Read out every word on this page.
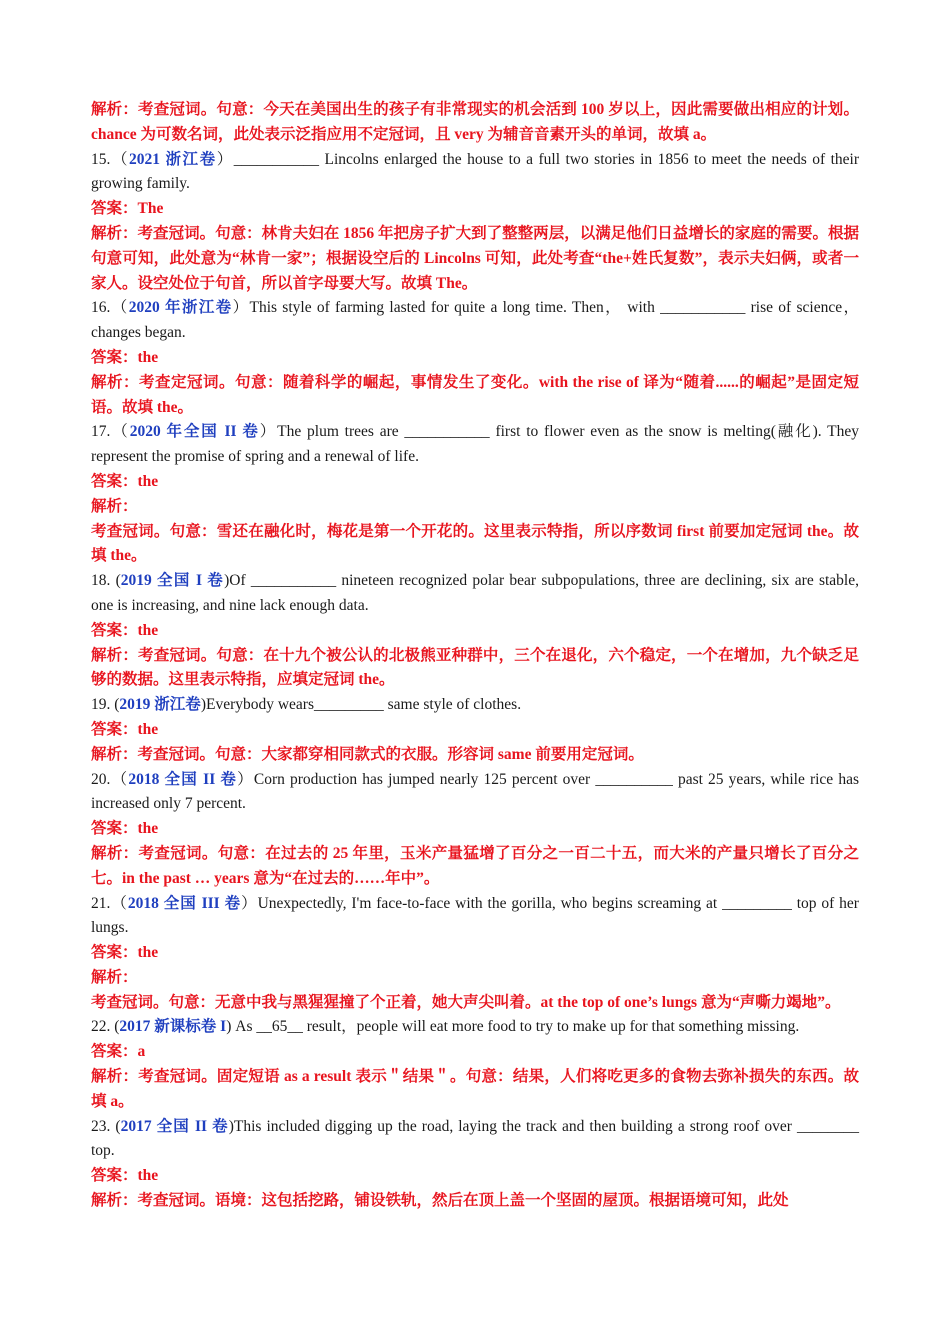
解析：考查冠词。句意：今天在美国出生的孩子有非常现实的机会活到 100 岁以上，因此需要做出相应的计划。chance 为可数名词，此处表示泛指应用不定冠词，且 very 为辅音音素开头的单词，故填 a。

15.（2021 浙江卷）___________ Lincolns enlarged the house to a full two stories in 1856 to meet the needs of their growing family.

答案：The

解析：考查冠词。句意：林肯夫妇在 1856 年把房子扩大到了整整两层，以满足他们日益增长的家庭的需要。根据句意可知，此处意为“林肯一家”；根据设空后的 Lincolns 可知，此处考查“the+姓氏复数”，表示夫妇俩，或者一家人。设空处位于句首，所以首字母要大写。故填 The。

16.（2020 年浙江卷）This style of farming lasted for quite a long time. Then， with ___________ rise of science，changes began.

答案：the

解析：考查定冠词。句意：随着科学的崛起，事情发生了变化。with the rise of 译为“随着......的崛起”是固定短语。故填 the。

17.（2020 年全国 II 卷）The plum trees are ___________ first to flower even as the snow is melting(融化). They represent the promise of spring and a renewal of life.

答案：the

解析：

考查冠词。句意：雪还在融化时，梅花是第一个开花的。这里表示特指，所以序数词 first 前要加定冠词 the。故填 the。

18. (2019 全国 I 卷)Of ___________ nineteen recognized polar bear subpopulations, three are declining, six are stable, one is increasing, and nine lack enough data.

答案：the

解析：考查冠词。句意：在十九个被公认的北极熊亚种群中，三个在退化，六个稳定，一个在增加，九个缺乏足够的数据。这里表示特指，应填定冠词 the。

19. (2019 浙江卷)Everybody wears_________ same style of clothes.

答案：the

解析：考查冠词。句意：大家都穿相同款式的衣服。形容词 same 前要用定冠词。

20.（2018 全国 II 卷）Corn production has jumped nearly 125 percent over __________ past 25 years, while rice has increased only 7 percent.

答案：the

解析：考查冠词。句意：在过去的 25 年里，玉米产量猛增了百分之一百二十五，而大米的产量只增长了百分之七。in the past … years 意为“在过去的……年中”。

21.（2018 全国 III 卷）Unexpectedly, I'm face-to-face with the gorilla, who begins screaming at _________ top of her lungs.

答案：the

解析：

考查冠词。句意：无意中我与黑猩猩撞了个正着，她大声尖叫着。at the top of one’s lungs 意为“声嘶力竭地”。

22. (2017 新课标卷 I) As __65__ result，people will eat more food to try to make up for that something missing.

答案：a

解析：考查冠词。固定短语 as a result 表示＂结果＂。句意：结果，人们将吃更多的食物去弥补损失的东西。故填 a。

23. (2017 全国 II 卷)This included digging up the road, laying the track and then building a strong roof over ________ top.

答案：the

解析：考查冠词。语境：这包括挖路，铺设铁轨，然后在顶上盖一个坚固的屋顶。根据语境可知，此处
